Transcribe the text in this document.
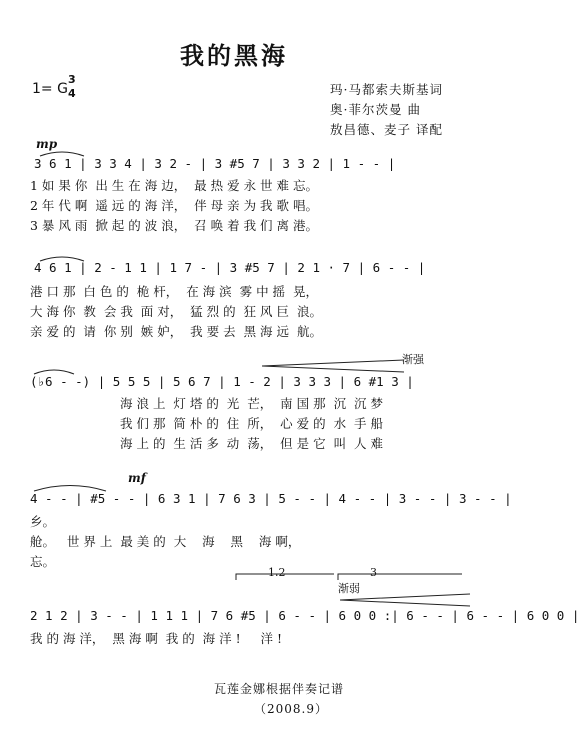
我的黑海
1= G
3
4	玛·马都索夫斯基词
奥·菲尔茨曼 曲
敖昌德、麦子 译配
mp
3 6 1 | 3 3 4 | 3 2 - | 3 #5 7 | 3 3 2 | 1 - - |
1 如 果 你  出 生 在 海 边，  最 热 爱 永 世 难 忘。
2 年 代 啊  遥 远 的 海 洋，  伴 母 亲 为 我 歌 唱。
3 暴 风 雨  掀 起 的 波 浪，  召 唤 着 我 们 离 港。
4 6 1 | 2 - 1 1 | 1 7 - | 3 #5 7 | 2 1 · 7 | 6 - - |
港 口 那  白 色 的  桅 杆，  在 海 滨  雾 中 摇  晃，
大 海 你  教  会 我  面 对，  猛 烈 的  狂 风 巨  浪。
亲 爱 的  请  你 别  嫉 妒，  我 要 去  黑 海 远  航。
渐强
(♭6 - -) | 5 5 5 | 5 6 7 | 1 - 2 | 3 3 3 | 6 #1 3 |
海 浪 上  灯 塔 的  光  芒，  南 国 那  沉  沉 梦
我 们 那  简 朴 的  住  所，  心 爱 的  水  手 船
海 上 的  生 活 多  动  荡，  但 是 它  叫  人 难
mf
4 - - | #5 - - | 6 3 1 | 7 6 3 | 5 - - | 4 - - | 3 - - | 3 - - |
乡。
舱。   世 界 上  最 美 的  大    海    黑    海 啊，
忘。
1.2	3
渐弱
2 1 2 | 3 - - | 1 1 1 | 7 6 #5 | 6 - - | 6 0 0 :| 6 - - | 6 - - | 6 0 0 |
我 的 海 洋，  黑 海 啊  我 的  海 洋 !     洋 !
瓦莲金娜根据伴奏记谱
（2008.9）
